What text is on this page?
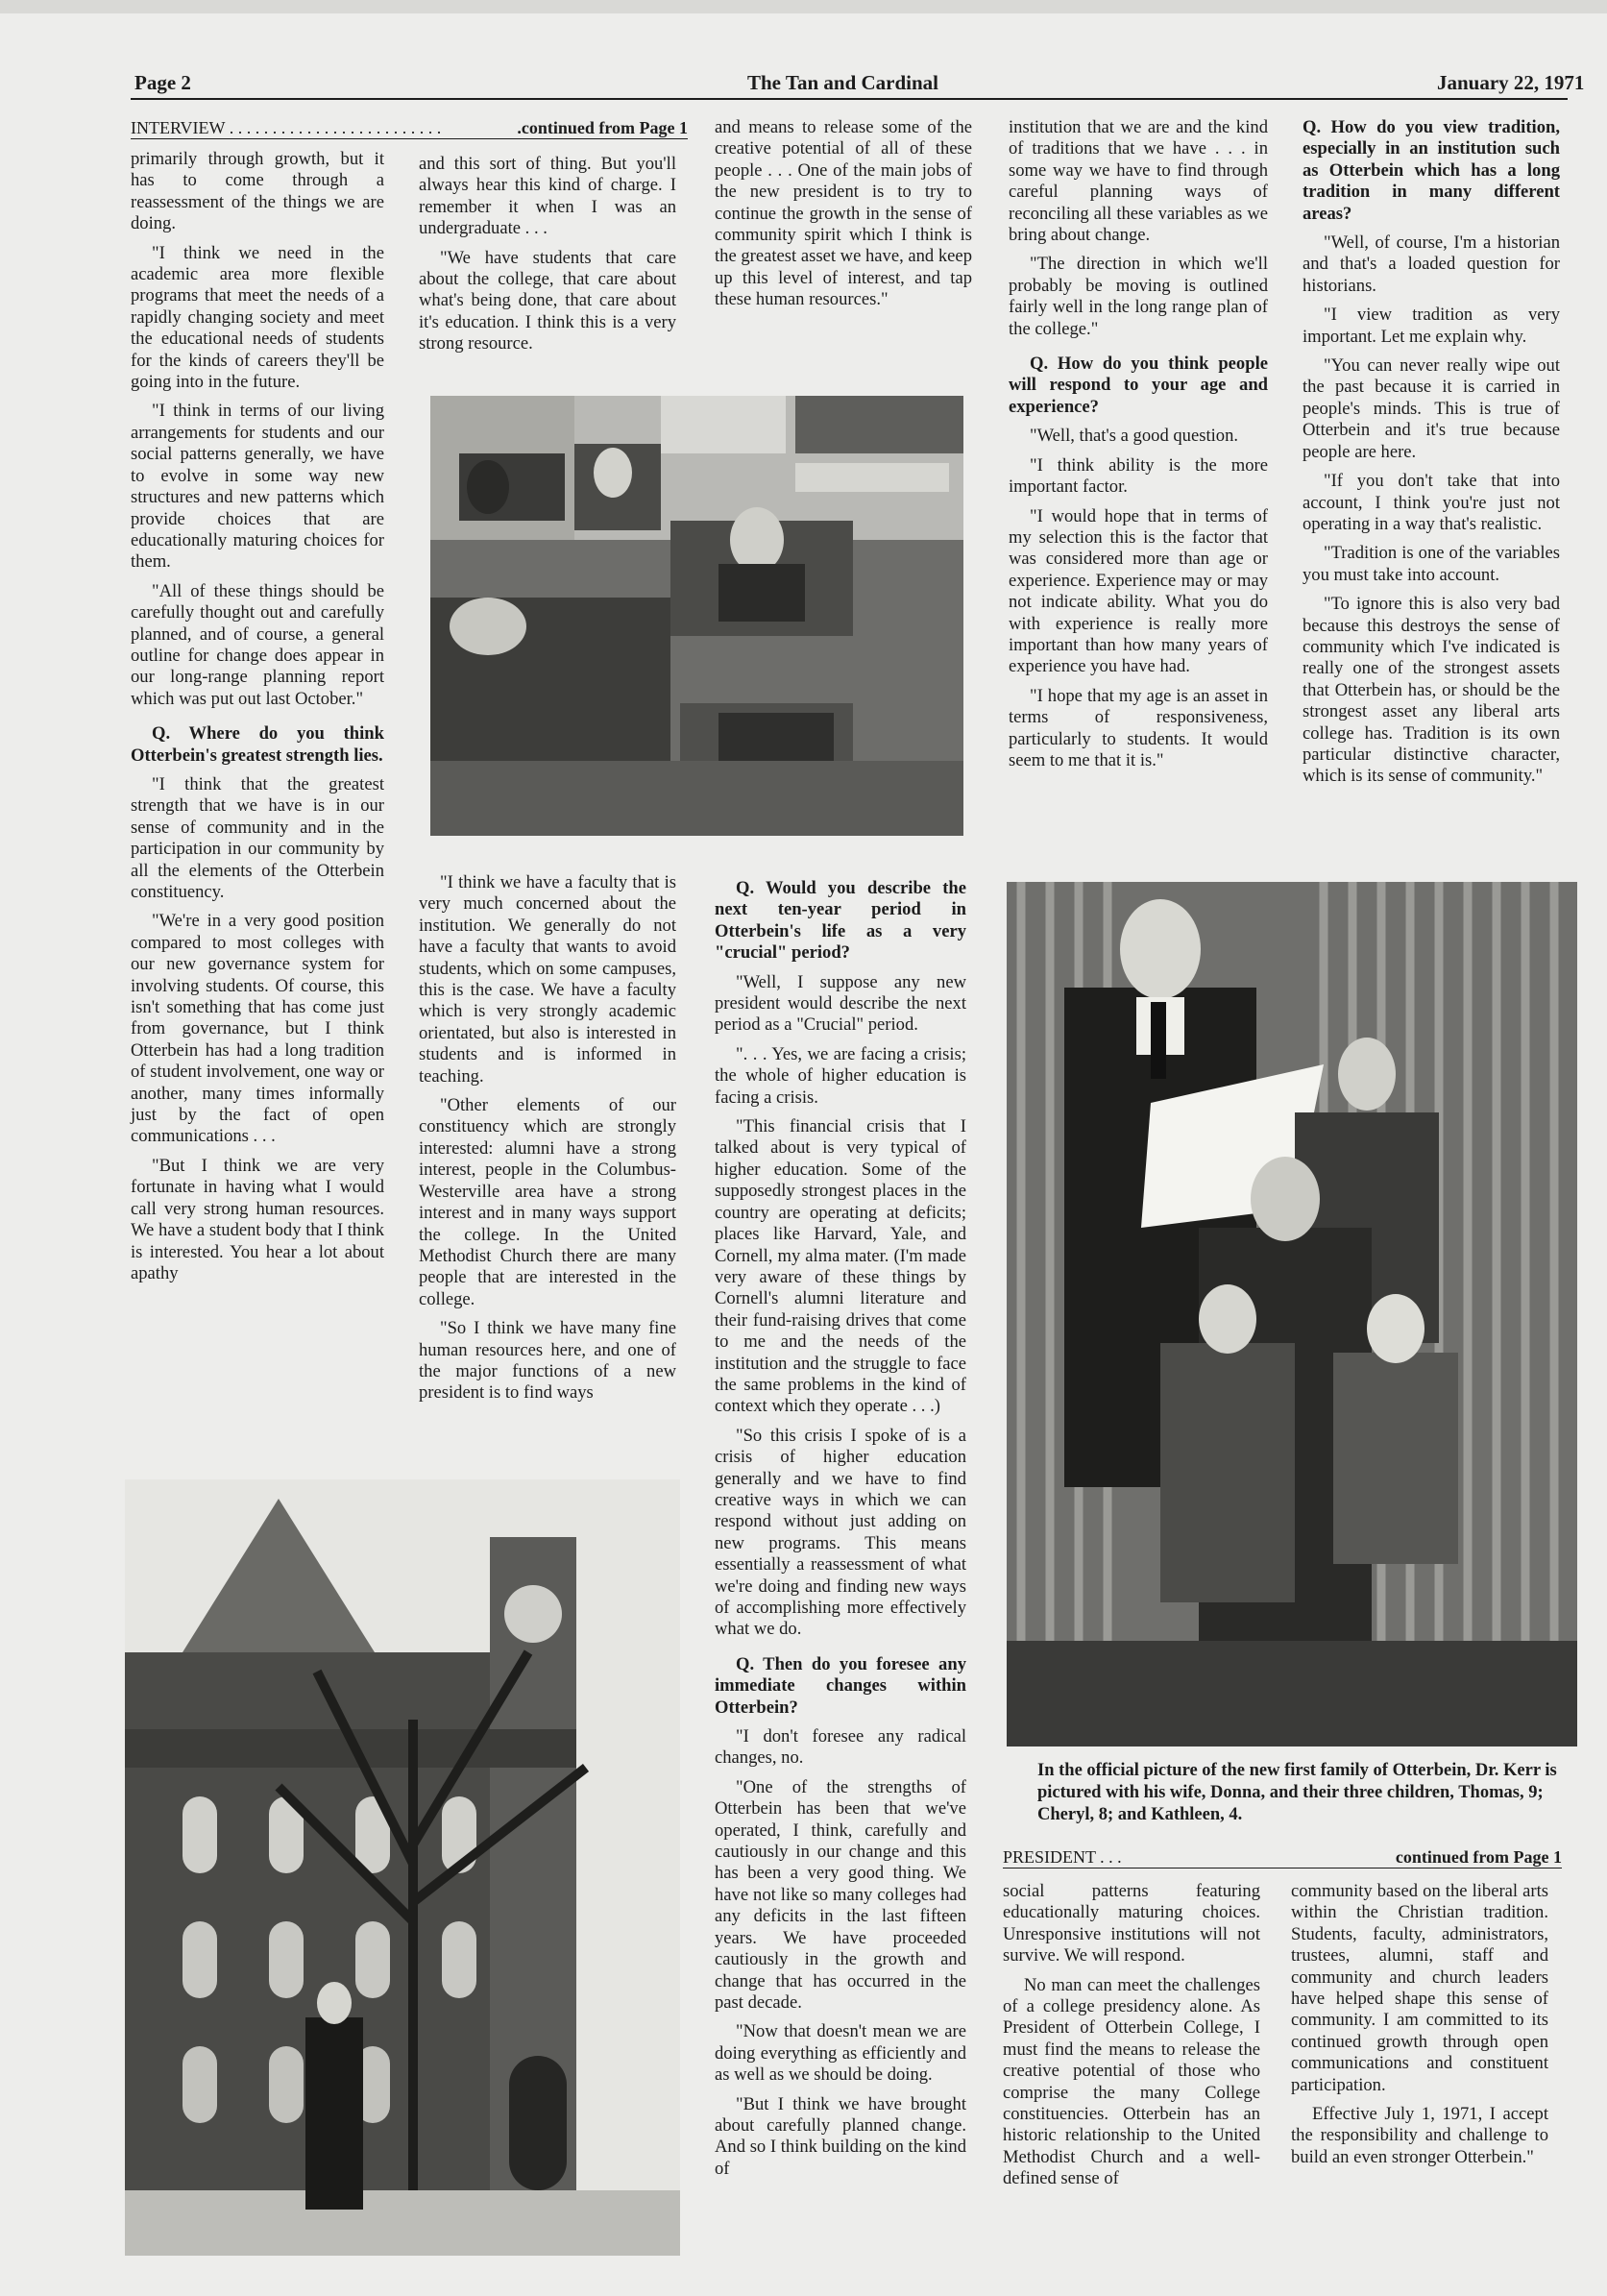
Page 2	The Tan and Cardinal	January 22, 1971
INTERVIEW . . . . . . . . . . . . . . . . . . . . . . . . .	.continued from Page 1

primarily through growth, but it has to come through a reassessment of the things we are doing.

"I think we need in the academic area more flexible programs that meet the needs of a rapidly changing society and meet the educational needs of students for the kinds of careers they'll be going into in the future.

"I think in terms of our living arrangements for students and our social patterns generally, we have to evolve in some way new structures and new patterns which provide choices that are educationally maturing choices for them.

"All of these things should be carefully thought out and carefully planned, and of course, a general outline for change does appear in our long-range planning report which was put out last October."

Q. Where do you think Otterbein's greatest strength lies.

"I think that the greatest strength that we have is in our sense of community and in the participation in our community by all the elements of the Otterbein constituency.

"We're in a very good position compared to most colleges with our new governance system for involving students. Of course, this isn't something that has come just from governance, but I think Otterbein has had a long tradition of student involvement, one way or another, many times informally just by the fact of open communications . . .

"But I think we are very fortunate in having what I would call very strong human resources. We have a student body that I think is interested. You hear a lot about apathy

and this sort of thing. But you'll always hear this kind of charge. I remember it when I was an undergraduate . . .

"We have students that care about the college, that care about what's being done, that care about it's education. I think this is a very strong resource.

and means to release some of the creative potential of all of these people . . . One of the main jobs of the new president is to try to continue the growth in the sense of community spirit which I think is the greatest asset we have, and keep up this level of interest, and tap these human resources."

"I think we have a faculty that is very much concerned about the institution. We generally do not have a faculty that wants to avoid students, which on some campuses, this is the case. We have a faculty which is very strongly academic orientated, but also is interested in students and is informed in teaching.

"Other elements of our constituency which are strongly interested: alumni have a strong interest, people in the Columbus-Westerville area have a strong interest and in many ways support the college. In the United Methodist Church there are many people that are interested in the college.

"So I think we have many fine human resources here, and one of the major functions of a new president is to find ways

Q. Would you describe the next ten-year period in Otterbein's life as a very "crucial" period?

"Well, I suppose any new president would describe the next period as a "Crucial" period.

". . . Yes, we are facing a crisis; the whole of higher education is facing a crisis.

"This financial crisis that I talked about is very typical of higher education. Some of the supposedly strongest places in the country are operating at deficits; places like Harvard, Yale, and Cornell, my alma mater. (I'm made very aware of these things by Cornell's alumni literature and their fund-raising drives that come to me and the needs of the institution and the struggle to face the same problems in the kind of context which they operate . . .)

"So this crisis I spoke of is a crisis of higher education generally and we have to find creative ways in which we can respond without just adding on new programs. This means essentially a reassessment of what we're doing and finding new ways of accomplishing more effectively what we do.

Q. Then do you foresee any immediate changes within Otterbein?

"I don't foresee any radical changes, no.

"One of the strengths of Otterbein has been that we've operated, I think, carefully and cautiously in our change and this has been a very good thing. We have not like so many colleges had any deficits in the last fifteen years. We have proceeded cautiously in the growth and change that has occurred in the past decade.

"Now that doesn't mean we are doing everything as efficiently and as well as we should be doing.

"But I think we have brought about carefully planned change. And so I think building on the kind of

institution that we are and the kind of traditions that we have . . . in some way we have to find through careful planning ways of reconciling all these variables as we bring about change.

"The direction in which we'll probably be moving is outlined fairly well in the long range plan of the college."

Q. How do you think people will respond to your age and experience?

"Well, that's a good question.

"I think ability is the more important factor.

"I would hope that in terms of my selection this is the factor that was considered more than age or experience. Experience may or may not indicate ability. What you do with experience is really more important than how many years of experience you have had.

"I hope that my age is an asset in terms of responsiveness, particularly to students. It would seem to me that it is."

Q. How do you view tradition, especially in an institution such as Otterbein which has a long tradition in many different areas?

"Well, of course, I'm a historian and that's a loaded question for historians.

"I view tradition as very important. Let me explain why.

"You can never really wipe out the past because it is carried in people's minds. This is true of Otterbein and it's true because people are here.

"If you don't take that into account, I think you're just not operating in a way that's realistic.

"Tradition is one of the variables you must take into account.

"To ignore this is also very bad because this destroys the sense of community which I've indicated is really one of the strongest assets that Otterbein has, or should be the strongest asset any liberal arts college has. Tradition is its own particular distinctive character, which is its sense of community."

In the official picture of the new first family of Otterbein, Dr. Kerr is pictured with his wife, Donna, and their three children, Thomas, 9; Cheryl, 8; and Kathleen, 4.
PRESIDENT . . .	continued from Page 1

social patterns featuring educationally maturing choices. Unresponsive institutions will not survive. We will respond.

No man can meet the challenges of a college presidency alone. As President of Otterbein College, I must find the means to release the creative potential of those who comprise the many College constituencies. Otterbein has an historic relationship to the United Methodist Church and a well-defined sense of

community based on the liberal arts within the Christian tradition. Students, faculty, administrators, trustees, alumni, staff and community and church leaders have helped shape this sense of community. I am committed to its continued growth through open communications and constituent participation.

Effective July 1, 1971, I accept the responsibility and challenge to build an even stronger Otterbein."
